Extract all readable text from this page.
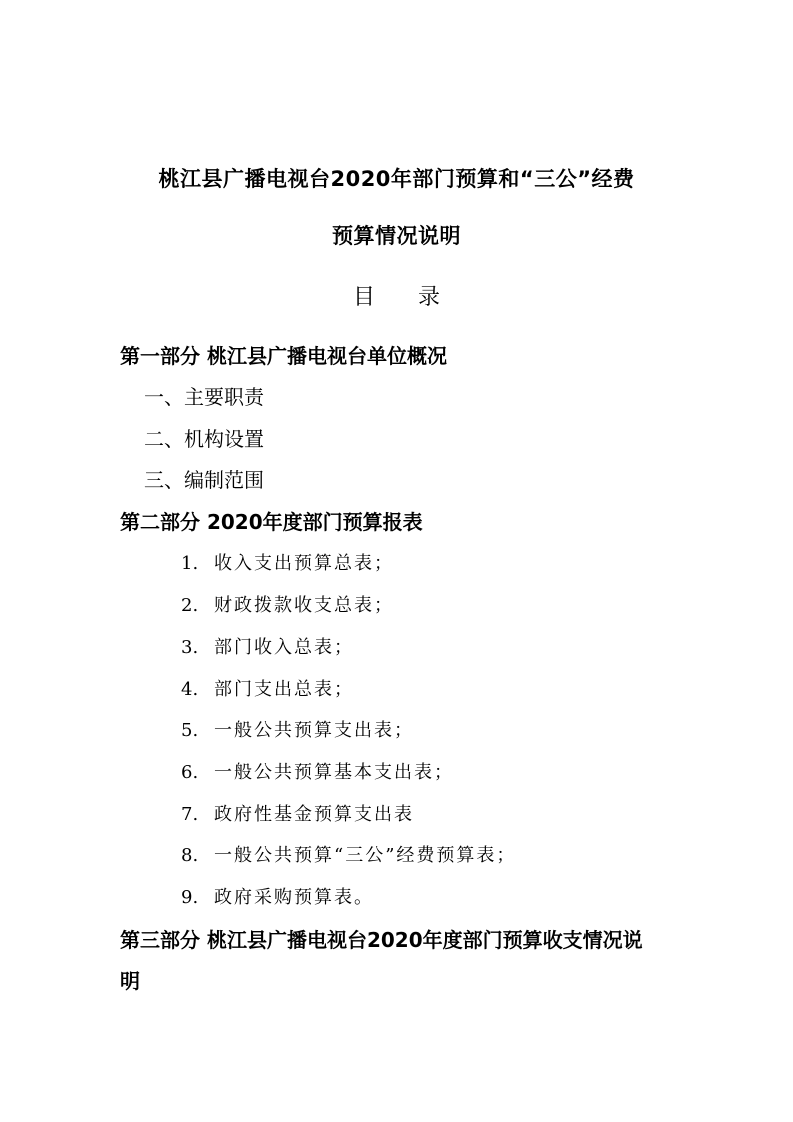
桃江县广播电视台2020年部门预算和“三公”经费
预算情况说明
目 录
第一部分 桃江县广播电视台单位概况
一、主要职责
二、机构设置
三、编制范围
第二部分 2020年度部门预算报表
1. 收入支出预算总表；
2. 财政拨款收支总表；
3. 部门收入总表；
4. 部门支出总表；
5. 一般公共预算支出表；
6. 一般公共预算基本支出表；
7. 政府性基金预算支出表
8. 一般公共预算“三公”经费预算表；
9. 政府采购预算表。
第三部分 桃江县广播电视台2020年度部门预算收支情况说
明
